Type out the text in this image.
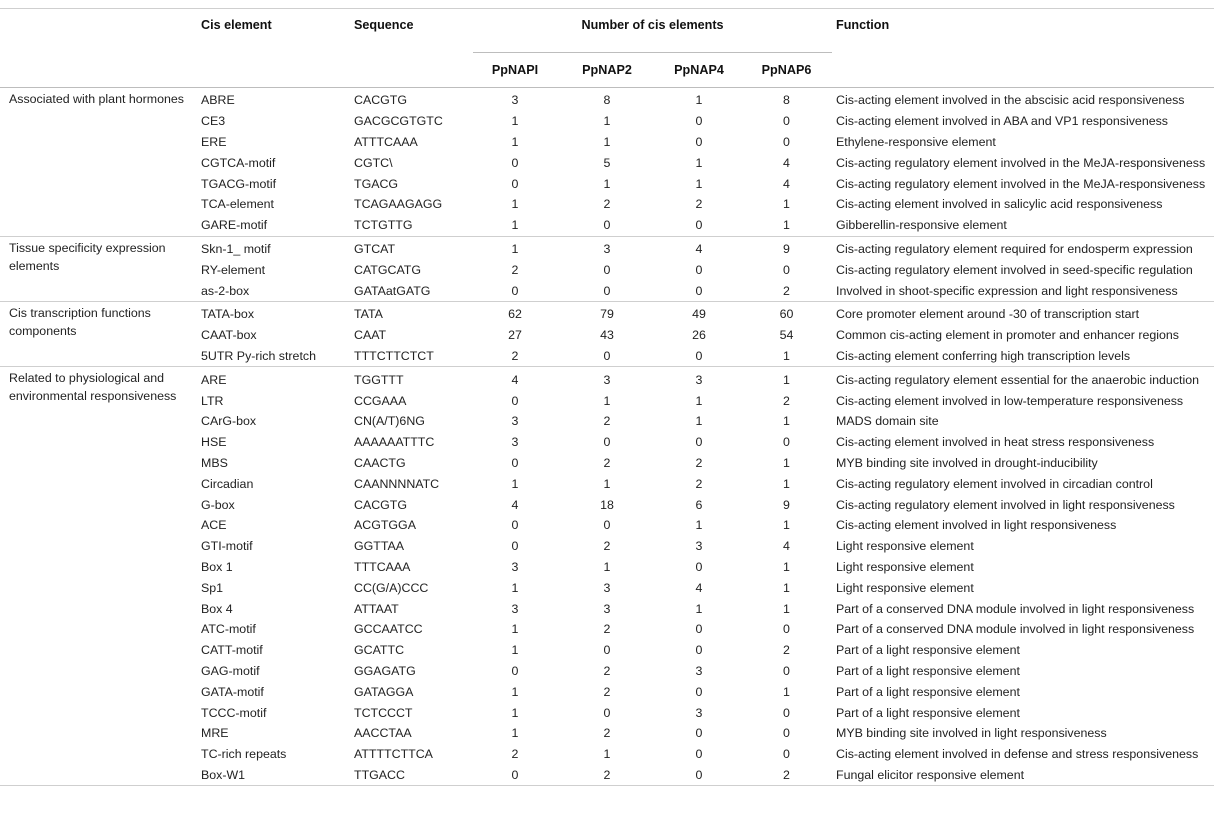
	Cis element	Sequence	Number of cis elements				Function
			PpNAPI	PpNAP2	PpNAP4	PpNAP6	
Associated with plant hormones	ABRE	CACGTG	3	8	1	8	Cis-acting element involved in the abscisic acid responsiveness
	CE3	GACGCGTGTC	1	1	0	0	Cis-acting element involved in ABA and VP1 responsiveness
	ERE	ATTTCAAA	1	1	0	0	Ethylene-responsive element
	CGTCA-motif	CGTC\	0	5	1	4	Cis-acting regulatory element involved in the MeJA-responsiveness
	TGACG-motif	TGACG	0	1	1	4	Cis-acting regulatory element involved in the MeJA-responsiveness
	TCA-element	TCAGAAGAGG	1	2	2	1	Cis-acting element involved in salicylic acid responsiveness
	GARE-motif	TCTGTTG	1	0	0	1	Gibberellin-responsive element
Tissue specificity expression elements	Skn-1_ motif	GTCAT	1	3	4	9	Cis-acting regulatory element required for endosperm expression
	RY-element	CATGCATG	2	0	0	0	Cis-acting regulatory element involved in seed-specific regulation
	as-2-box	GATAatGATG	0	0	0	2	Involved in shoot-specific expression and light responsiveness
Cis transcription functions components	TATA-box	TATA	62	79	49	60	Core promoter element around -30 of transcription start
	CAAT-box	CAAT	27	43	26	54	Common cis-acting element in promoter and enhancer regions
	5UTR Py-rich stretch	TTTCTTCTCT	2	0	0	1	Cis-acting element conferring high transcription levels
Related to physiological and environmental responsiveness	ARE	TGGTTT	4	3	3	1	Cis-acting regulatory element essential for the anaerobic induction
	LTR	CCGAAA	0	1	1	2	Cis-acting element involved in low-temperature responsiveness
	CArG-box	CN(A/T)6NG	3	2	1	1	MADS domain site
	HSE	AAAAAATTTC	3	0	0	0	Cis-acting element involved in heat stress responsiveness
	MBS	CAACTG	0	2	2	1	MYB binding site involved in drought-inducibility
	Circadian	CAANNNNATC	1	1	2	1	Cis-acting regulatory element involved in circadian control
	G-box	CACGTG	4	18	6	9	Cis-acting regulatory element involved in light responsiveness
	ACE	ACGTGGA	0	0	1	1	Cis-acting element involved in light responsiveness
	GTI-motif	GGTTAA	0	2	3	4	Light responsive element
	Box 1	TTTCAAA	3	1	0	1	Light responsive element
	Sp1	CC(G/A)CCC	1	3	4	1	Light responsive element
	Box 4	ATTAAT	3	3	1	1	Part of a conserved DNA module involved in light responsiveness
	ATC-motif	GCCAATCC	1	2	0	0	Part of a conserved DNA module involved in light responsiveness
	CATT-motif	GCATTC	1	0	0	2	Part of a light responsive element
	GAG-motif	GGAGATG	0	2	3	0	Part of a light responsive element
	GATA-motif	GATAGGA	1	2	0	1	Part of a light responsive element
	TCCC-motif	TCTCCCT	1	0	3	0	Part of a light responsive element
	MRE	AACCTAA	1	2	0	0	MYB binding site involved in light responsiveness
	TC-rich repeats	ATTTTCTTCA	2	1	0	0	Cis-acting element involved in defense and stress responsiveness
	Box-W1	TTGACC	0	2	0	2	Fungal elicitor responsive element
